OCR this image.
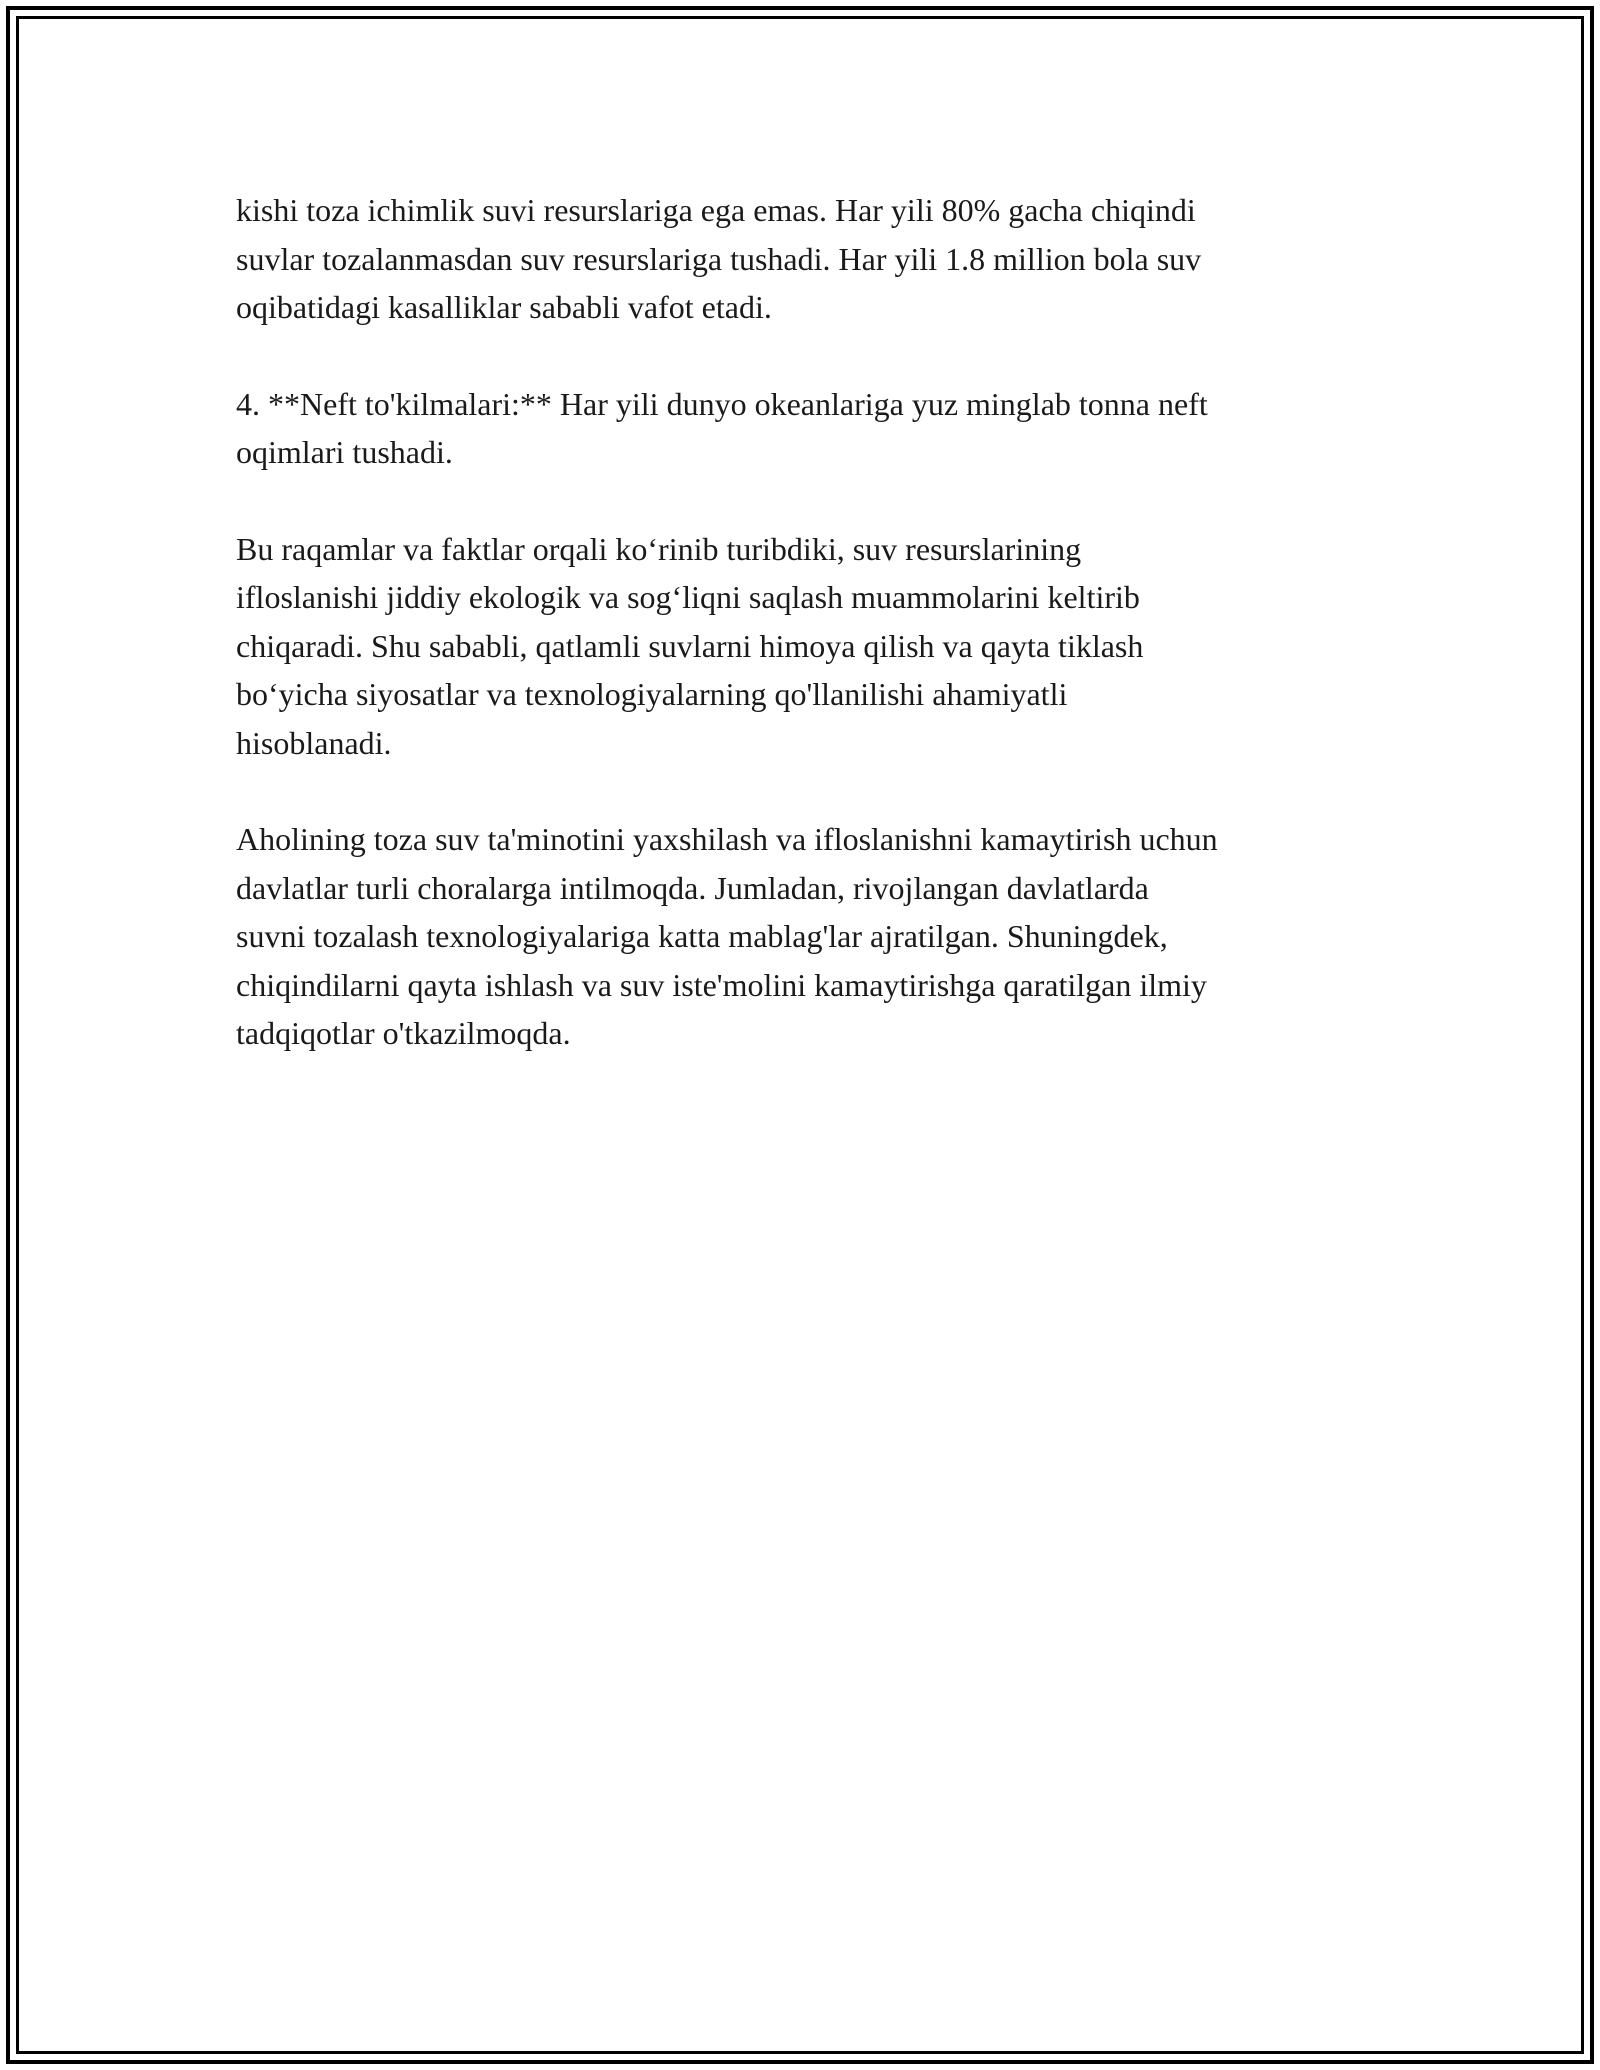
kishi toza ichimlik suvi resurslariga ega emas. Har yili 80% gacha chiqindi
suvlar tozalanmasdan suv resurslariga tushadi. Har yili 1.8 million bola suv
oqibatidagi kasalliklar sababli vafot etadi.

4. **Neft to'kilmalari:** Har yili dunyo okeanlariga yuz minglab tonna neft
oqimlari tushadi.

Bu raqamlar va faktlar orqali ko‘rinib turibdiki, suv resurslarining
ifloslanishi jiddiy ekologik va sog‘liqni saqlash muammolarini keltirib
chiqaradi. Shu sababli, qatlamli suvlarni himoya qilish va qayta tiklash
bo‘yicha siyosatlar va texnologiyalarning qo'llanilishi ahamiyatli
hisoblanadi.

Aholining toza suv ta'minotini yaxshilash va ifloslanishni kamaytirish uchun
davlatlar turli choralarga intilmoqda. Jumladan, rivojlangan davlatlarda
suvni tozalash texnologiyalariga katta mablag'lar ajratilgan. Shuningdek,
chiqindilarni qayta ishlash va suv iste'molini kamaytirishga qaratilgan ilmiy
tadqiqotlar o'tkazilmoqda.
